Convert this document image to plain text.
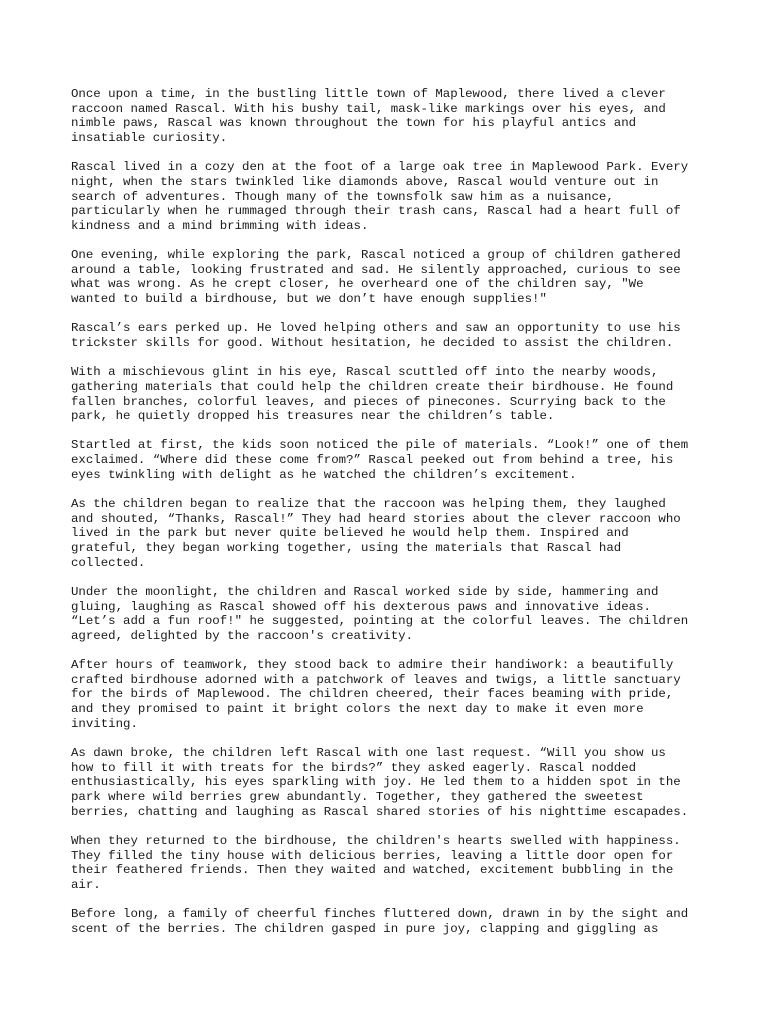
Once upon a time, in the bustling little town of Maplewood, there lived a clever
raccoon named Rascal. With his bushy tail, mask-like markings over his eyes, and
nimble paws, Rascal was known throughout the town for his playful antics and
insatiable curiosity.

Rascal lived in a cozy den at the foot of a large oak tree in Maplewood Park. Every
night, when the stars twinkled like diamonds above, Rascal would venture out in
search of adventures. Though many of the townsfolk saw him as a nuisance,
particularly when he rummaged through their trash cans, Rascal had a heart full of
kindness and a mind brimming with ideas.

One evening, while exploring the park, Rascal noticed a group of children gathered
around a table, looking frustrated and sad. He silently approached, curious to see
what was wrong. As he crept closer, he overheard one of the children say, "We
wanted to build a birdhouse, but we don’t have enough supplies!"

Rascal’s ears perked up. He loved helping others and saw an opportunity to use his
trickster skills for good. Without hesitation, he decided to assist the children.

With a mischievous glint in his eye, Rascal scuttled off into the nearby woods,
gathering materials that could help the children create their birdhouse. He found
fallen branches, colorful leaves, and pieces of pinecones. Scurrying back to the
park, he quietly dropped his treasures near the children’s table.

Startled at first, the kids soon noticed the pile of materials. “Look!” one of them
exclaimed. “Where did these come from?” Rascal peeked out from behind a tree, his
eyes twinkling with delight as he watched the children’s excitement.

As the children began to realize that the raccoon was helping them, they laughed
and shouted, “Thanks, Rascal!” They had heard stories about the clever raccoon who
lived in the park but never quite believed he would help them. Inspired and
grateful, they began working together, using the materials that Rascal had
collected.

Under the moonlight, the children and Rascal worked side by side, hammering and
gluing, laughing as Rascal showed off his dexterous paws and innovative ideas.
“Let’s add a fun roof!" he suggested, pointing at the colorful leaves. The children
agreed, delighted by the raccoon's creativity.

After hours of teamwork, they stood back to admire their handiwork: a beautifully
crafted birdhouse adorned with a patchwork of leaves and twigs, a little sanctuary
for the birds of Maplewood. The children cheered, their faces beaming with pride,
and they promised to paint it bright colors the next day to make it even more
inviting.

As dawn broke, the children left Rascal with one last request. “Will you show us
how to fill it with treats for the birds?” they asked eagerly. Rascal nodded
enthusiastically, his eyes sparkling with joy. He led them to a hidden spot in the
park where wild berries grew abundantly. Together, they gathered the sweetest
berries, chatting and laughing as Rascal shared stories of his nighttime escapades.

When they returned to the birdhouse, the children's hearts swelled with happiness.
They filled the tiny house with delicious berries, leaving a little door open for
their feathered friends. Then they waited and watched, excitement bubbling in the
air.

Before long, a family of cheerful finches fluttered down, drawn in by the sight and
scent of the berries. The children gasped in pure joy, clapping and giggling as
